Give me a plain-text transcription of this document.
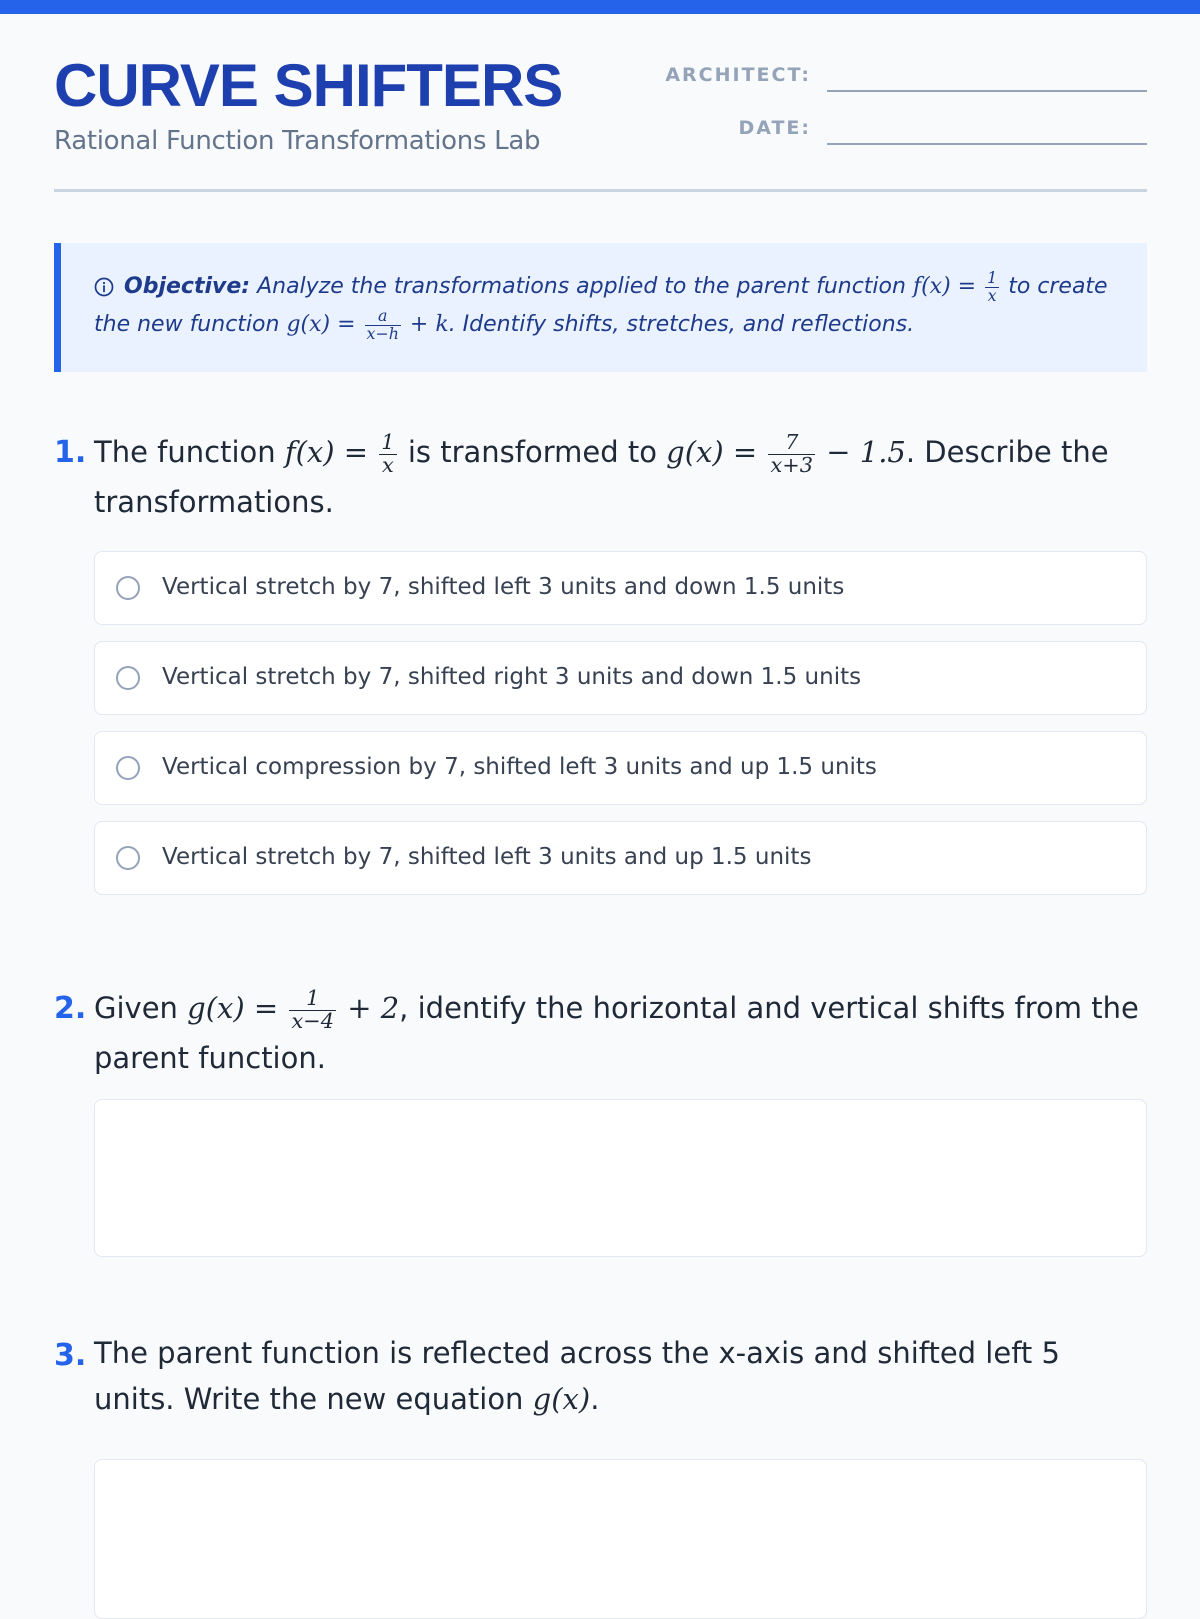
CURVE SHIFTERS
Rational Function Transformations Lab
ARCHITECT:
DATE:
Objective: Analyze the transformations applied to the parent function $f(x) = \frac{1}{x}$ to create the new function $g(x) = \frac{a}{x-h} + k$. Identify shifts, stretches, and reflections.
1. The function $f(x) = \frac{1}{x}$ is transformed to $g(x) = \frac{7}{x+3} - 1.5$. Describe the transformations.
Vertical stretch by 7, shifted left 3 units and down 1.5 units
Vertical stretch by 7, shifted right 3 units and down 1.5 units
Vertical compression by 7, shifted left 3 units and up 1.5 units
Vertical stretch by 7, shifted left 3 units and up 1.5 units
2. Given $g(x) = \frac{1}{x-4} + 2$, identify the horizontal and vertical shifts from the parent function.
3. The parent function is reflected across the x-axis and shifted left 5 units. Write the new equation g(x).
